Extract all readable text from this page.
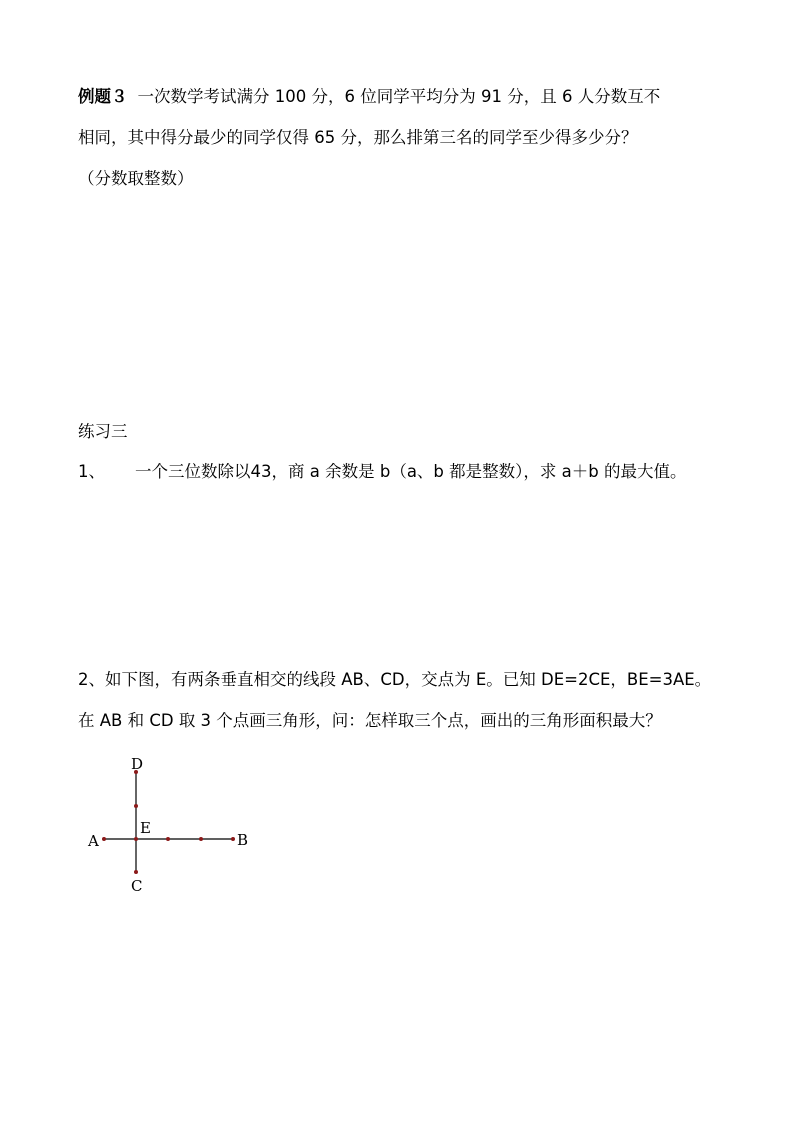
例题３ 一次数学考试满分 100 分，6 位同学平均分为 91 分，且 6 人分数互不
相同，其中得分最少的同学仅得 65 分，那么排第三名的同学至少得多少分？
（分数取整数）
练习三
1、 一个三位数除以43，商 a 余数是 b（a、b 都是整数），求 a＋b 的最大值。
2、如下图，有两条垂直相交的线段 AB、CD，交点为 E。已知 DE=2CE，BE=3AE。
在 AB 和 CD 取 3 个点画三角形，问：怎样取三个点，画出的三角形面积最大？
D
E
A	B
C
